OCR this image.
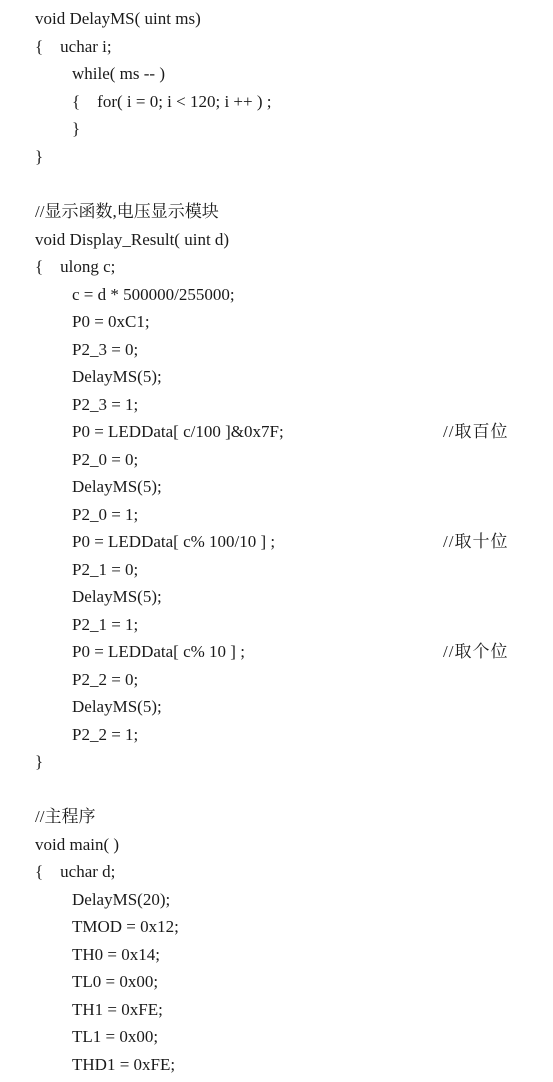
void DelayMS( uint ms)
{    uchar i;
while( ms -- )
{    for( i = 0; i < 120; i ++ ) ;
}
}
//显示函数,电压显示模块
void Display_Result( uint d)
{    ulong c;
c = d * 500000/255000;
P0 = 0xC1;
P2_3 = 0;
DelayMS(5);
P2_3 = 1;
P0 = LEDData[ c/100 ]&0x7F;	//取百位
P2_0 = 0;
DelayMS(5);
P2_0 = 1;
P0 = LEDData[ c% 100/10 ] ;	//取十位
P2_1 = 0;
DelayMS(5);
P2_1 = 1;
P0 = LEDData[ c% 10 ] ;	//取个位
P2_2 = 0;
DelayMS(5);
P2_2 = 1;
}
//主程序
void main( )
{    uchar d;
DelayMS(20);
TMOD = 0x12;
TH0 = 0x14;
TL0 = 0x00;
TH1 = 0xFE;
TL1 = 0x00;
THD1 = 0xFE;
